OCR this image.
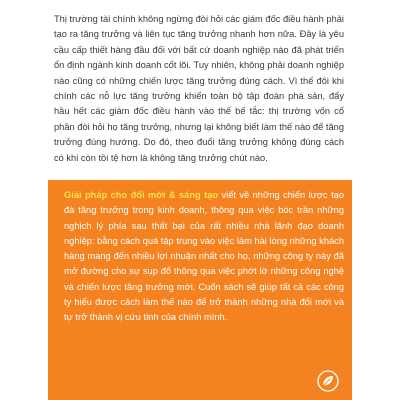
Thị trường tài chính không ngừng đòi hỏi các giám đốc điều hành phải tạo ra tăng trưởng và liên tục tăng trưởng nhanh hơn nữa. Đây là yêu cầu cấp thiết hàng đầu đối với bất cứ doanh nghiệp nào đã phát triển ổn định ngành kinh doanh cốt lõi. Tuy nhiên, không phải doanh nghiệp nào cũng có những chiến lược tăng trưởng đúng cách. Vì thế đôi khi chính các nỗ lực tăng trưởng khiến toàn bộ tập đoàn phá sản, đẩy hầu hết các giám đốc điều hành vào thế bế tắc: thị trường vốn cổ phần đòi hỏi họ tăng trưởng, nhưng lại không biết làm thế nào để tăng trưởng đúng hướng. Do đó, theo đuổi tăng trưởng không đúng cách có khi còn tồi tệ hơn là không tăng trưởng chút nào.

Giải pháp cho đổi mới & sáng tạo viết về những chiến lược tạo đà tăng trưởng trong kinh doanh, thông qua việc bóc trần những nghịch lý phía sau thất bại của rất nhiều nhà lãnh đạo doanh nghiệp: bằng cách quá tập trung vào việc làm hài lòng những khách hàng mang đến nhiều lợi nhuận nhất cho họ, những công ty này đã mở đường cho sự sụp đổ thông qua việc phớt lờ những công nghệ và chiến lược tăng trưởng mới. Cuốn sách sẽ giúp tất cả các công ty hiểu được cách làm thế nào để trở thành những nhà đổi mới và tự trở thành vị cứu tinh của chính mình.
